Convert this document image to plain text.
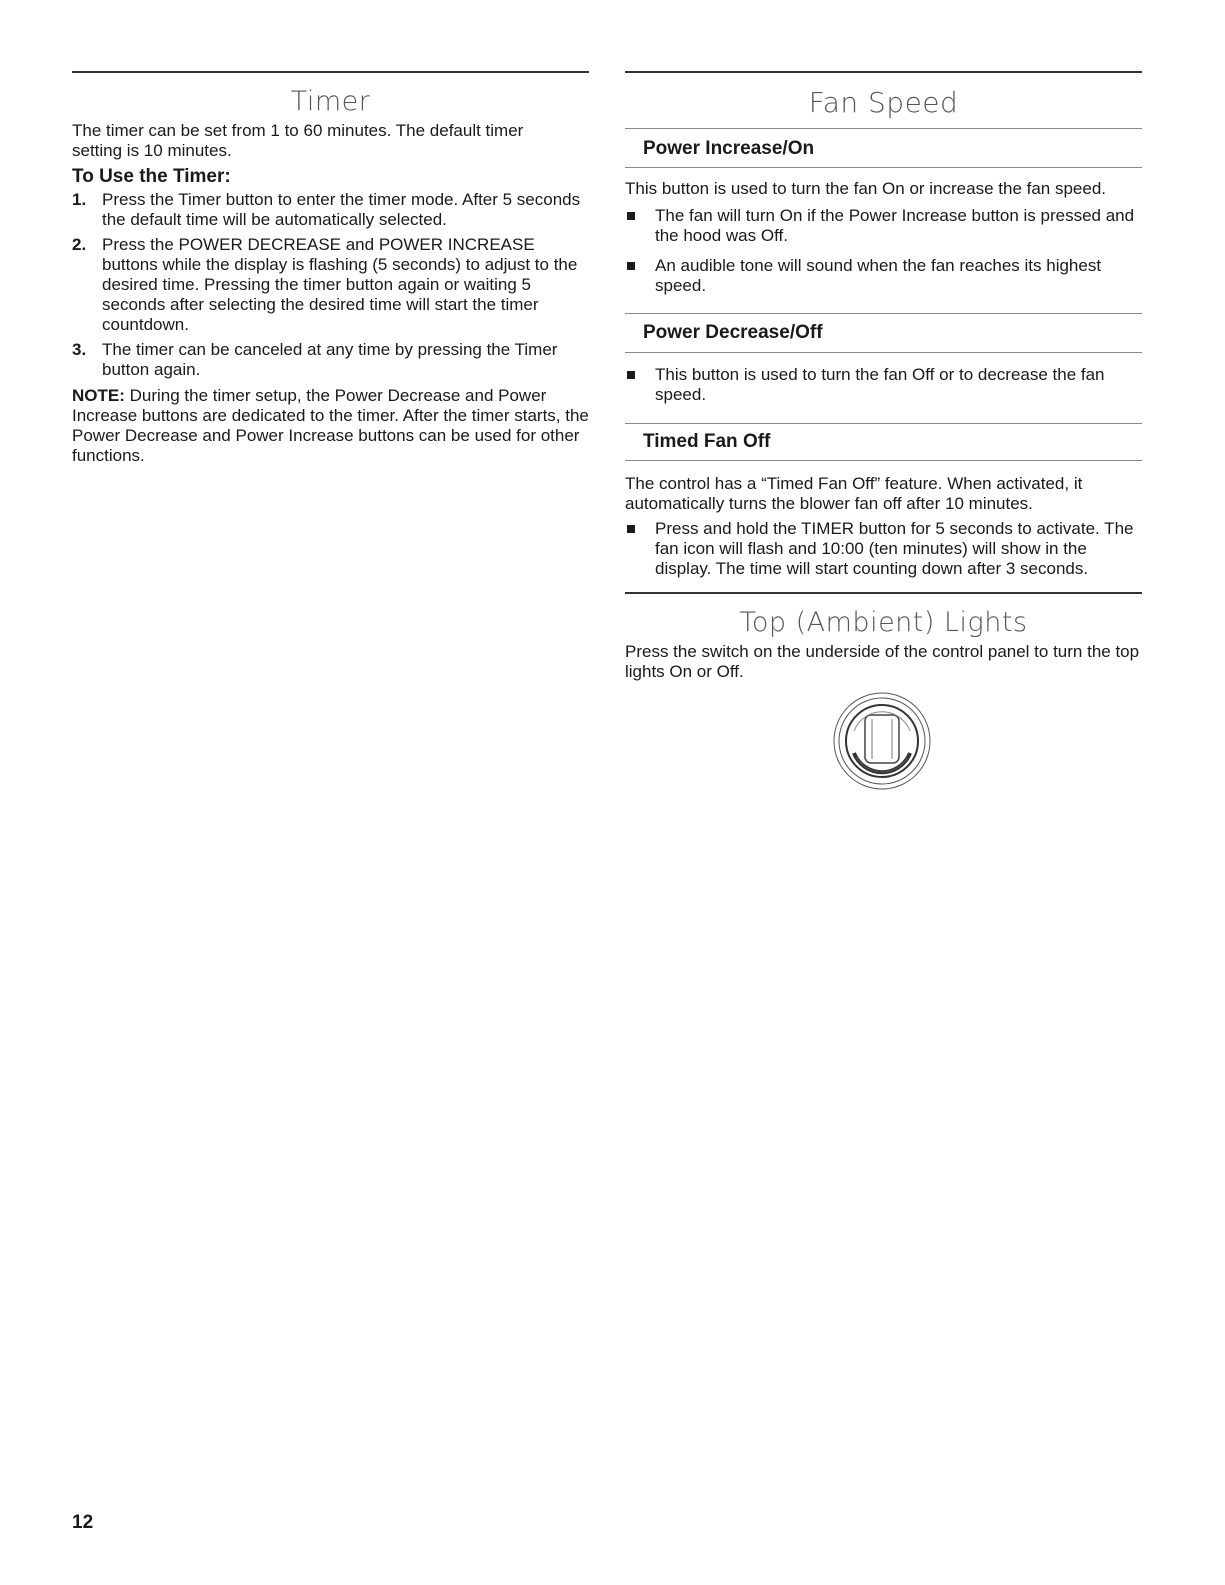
Timer

The timer can be set from 1 to 60 minutes. The default timer setting is 10 minutes.

To Use the Timer:

1. Press the Timer button to enter the timer mode. After 5 seconds the default time will be automatically selected.
2. Press the POWER DECREASE and POWER INCREASE buttons while the display is flashing (5 seconds) to adjust to the desired time. Pressing the timer button again or waiting 5 seconds after selecting the desired time will start the timer countdown.
3. The timer can be canceled at any time by pressing the Timer button again.

NOTE: During the timer setup, the Power Decrease and Power Increase buttons are dedicated to the timer. After the timer starts, the Power Decrease and Power Increase buttons can be used for other functions.

Fan Speed

Power Increase/On

This button is used to turn the fan On or increase the fan speed.

The fan will turn On if the Power Increase button is pressed and the hood was Off.
An audible tone will sound when the fan reaches its highest speed.

Power Decrease/Off

This button is used to turn the fan Off or to decrease the fan speed.

Timed Fan Off

The control has a “Timed Fan Off” feature. When activated, it automatically turns the blower fan off after 10 minutes.

Press and hold the TIMER button for 5 seconds to activate. The fan icon will flash and 10:00 (ten minutes) will show in the display. The time will start counting down after 3 seconds.
Top (Ambient) Lights

Press the switch on the underside of the control panel to turn the top lights On or Off.

12
